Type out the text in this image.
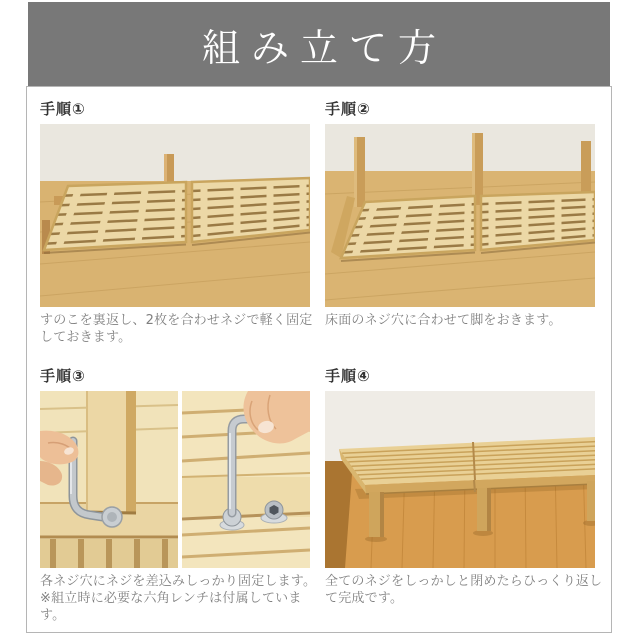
組み立て方
手順①

すのこを裏返し、2枚を合わせネジで軽く固定しておきます。

手順②

床面のネジ穴に合わせて脚をおきます。

手順③

各ネジ穴にネジを差込みしっかり固定します。

※組立時に必要な六角レンチは付属しています。

手順④

全てのネジをしっかしと閉めたらひっくり返して完成です。
